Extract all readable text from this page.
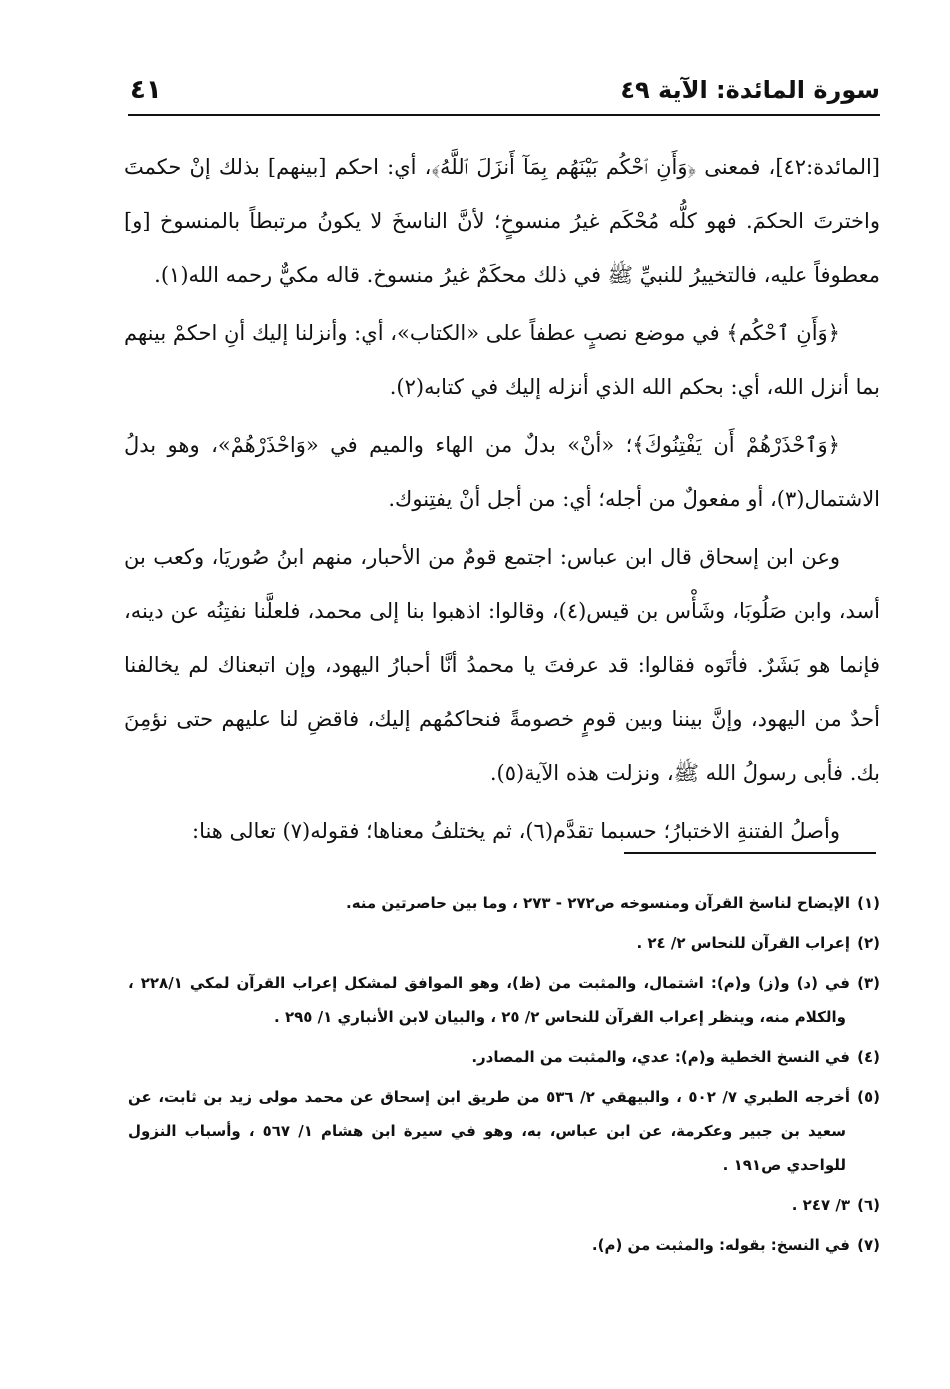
سورة المائدة: الآية ٤٩
٤١

[المائدة:٤٢]، فمعنى ﴿وَأَنِ ٱحْكُم بَيْنَهُم بِمَآ أَنزَلَ ٱللَّهُ﴾، أي: احكم [بينهم] بذلك إنْ حكمتَ واخترتَ الحكمَ. فهو كلُّه مُحْكَم غيرُ منسوخٍ؛ لأنَّ الناسخَ لا يكونُ مرتبطاً بالمنسوخ [و] معطوفاً عليه، فالتخييرُ للنبيِّ ﷺ في ذلك محكَمٌ غيرُ منسوخ. قاله مكيٌّ رحمه الله(١).

﴿وَأَنِ ٱحْكُم﴾ في موضع نصبٍ عطفاً على «الكتاب»، أي: وأنزلنا إليك أنِ احكمْ بينهم بما أنزل الله، أي: بحكم الله الذي أنزله إليك في كتابه(٢).

﴿وَٱحْذَرْهُمْ أَن يَفْتِنُوكَ﴾؛ «أنْ» بدلٌ من الهاء والميم في «وَاحْذَرْهُمْ»، وهو بدلُ الاشتمال(٣)، أو مفعولٌ من أجله؛ أي: من أجل أنْ يفتِنوك.

وعن ابن إسحاق قال ابن عباس: اجتمع قومٌ من الأحبار، منهم ابنُ صُوريَا، وكعب بن أسد، وابن صَلُوبَا، وشَأْس بن قيس(٤)، وقالوا: اذهبوا بنا إلى محمد، فلعلَّنا نفتِنُه عن دينه، فإنما هو بَشَرٌ. فأتَوه فقالوا: قد عرفتَ يا محمدُ أنَّا أحبارُ اليهود، وإن اتبعناك لم يخالفنا أحدٌ من اليهود، وإنَّ بيننا وبين قومٍ خصومةً فنحاكمُهم إليك، فاقضِ لنا عليهم حتى نؤمِنَ بك. فأبى رسولُ الله ﷺ، ونزلت هذه الآية(٥).

وأصلُ الفتنةِ الاختبارُ؛ حسبما تقدَّم(٦)، ثم يختلفُ معناها؛ فقوله(٧) تعالى هنا:

(١)الإيضاح لناسخ القرآن ومنسوخه ص٢٧٢ - ٢٧٣ ، وما بين حاصرتين منه.

(٢)إعراب القرآن للنحاس ٢/ ٢٤ .

(٣)في (د) و(ز) و(م): اشتمال، والمثبت من (ظ)، وهو الموافق لمشكل إعراب القرآن لمكي ٢٢٨/١ ، والكلام منه، وينظر إعراب القرآن للنحاس ٢/ ٢٥ ، والبيان لابن الأنباري ١/ ٢٩٥ .

(٤)في النسخ الخطية و(م): عدي، والمثبت من المصادر.

(٥)أخرجه الطبري ٧/ ٥٠٢ ، والبيهقي ٢/ ٥٣٦ من طريق ابن إسحاق عن محمد مولى زيد بن ثابت، عن سعيد بن جبير وعكرمة، عن ابن عباس، به، وهو في سيرة ابن هشام ١/ ٥٦٧ ، وأسباب النزول للواحدي ص١٩١ .

(٦)٣/ ٢٤٧ .

(٧)في النسخ: بقوله: والمثبت من (م).
